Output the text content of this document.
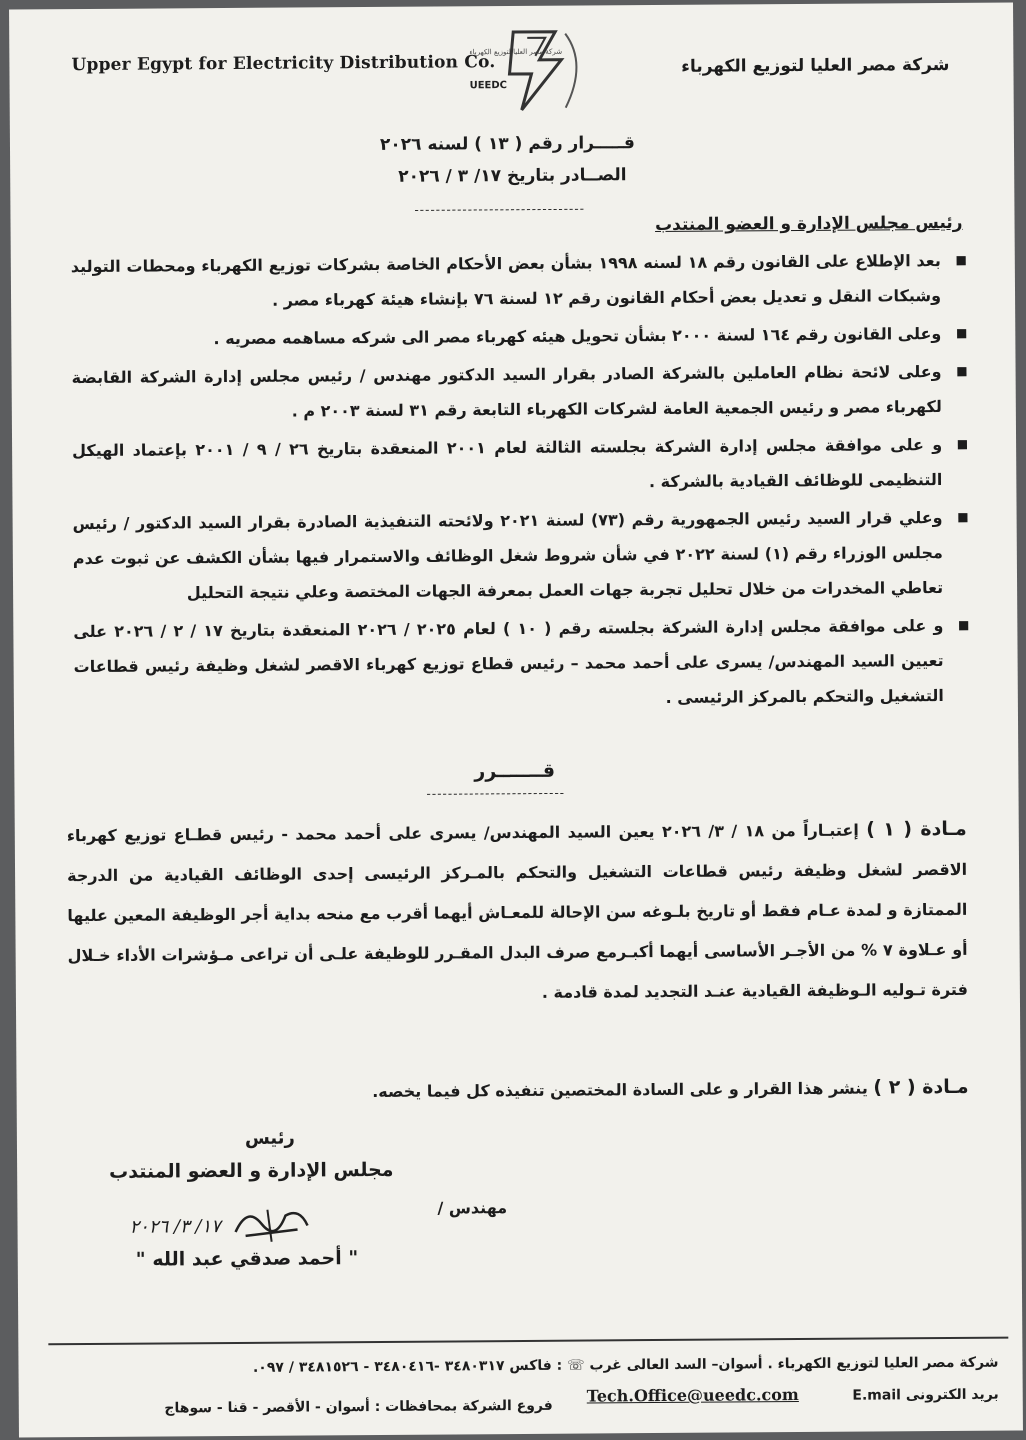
Upper Egypt for Electricity Distribution Co.
شركة مصر العليا لتوزيع الكهرباء
UEEDC
شركة مصر العليا لتوزيع الكهرباء
قـــــرار رقم ( ١٣ ) لسنه ٢٠٢٦
الصــادر بتاريخ ١٧/ ٣ / ٢٠٢٦
--------------------------------
رئيس مجلس الإدارة و العضو المنتدب
■
بعد الإطلاع على القانون رقم ١٨ لسنه ١٩٩٨ بشأن بعض الأحكام الخاصة بشركات توزيع الكهرباء ومحطات التوليد وشبكات النقل و تعديل بعض أحكام القانون رقم ١٢ لسنة ٧٦ بإنشاء هيئة كهرباء مصر .
■
وعلى القانون رقم ١٦٤ لسنة ٢٠٠٠ بشأن تحويل هيئه كهرباء مصر الى شركه مساهمه مصريه .
■
وعلى لائحة نظام العاملين بالشركة الصادر بقرار السيد الدكتور مهندس / رئيس مجلس إدارة الشركة القابضة لكهرباء مصر و رئيس الجمعية العامة لشركات الكهرباء التابعة رقم ٣١ لسنة ٢٠٠٣ م .
■
و على موافقة مجلس إدارة الشركة بجلسته الثالثة لعام ٢٠٠١ المنعقدة بتاريخ ٢٦ / ٩ / ٢٠٠١ بإعتماد الهيكل التنظيمى للوظائف القيادية بالشركة .
■
وعلي قرار السيد رئيس الجمهورية رقم (٧٣) لسنة ٢٠٢١ ولائحته التنفيذية الصادرة بقرار السيد الدكتور / رئيس مجلس الوزراء رقم (١) لسنة ٢٠٢٢ في شأن شروط شغل الوظائف والاستمرار فيها بشأن الكشف عن ثبوت عدم تعاطي المخدرات من خلال تحليل تجربة جهات العمل بمعرفة الجهات المختصة وعلي نتيجة التحليل
■
و على موافقة مجلس إدارة الشركة بجلسته رقم ( ١٠ ) لعام ٢٠٢٥ / ٢٠٢٦ المنعقدة بتاريخ ١٧ / ٢ / ٢٠٢٦ على تعيين السيد المهندس/ يسرى على أحمد محمد – رئيس قطاع توزيع كهرباء الاقصر لشغل وظيفة رئيس قطاعات التشغيل والتحكم بالمركز الرئيسى .
قـــــــرر
--------------------------
مـادة ( ١ ) إعتبـاراً من ١٨ / ٣/ ٢٠٢٦ يعين السيد المهندس/ يسرى على أحمد محمد - رئيس قطـاع توزيع كهرباء الاقصر لشغل وظيفة رئيس قطاعات التشغيل والتحكم بالمـركز الرئيسى إحدى الوظائف القيادية من الدرجة الممتازة و لمدة عـام فقط أو تاريخ بلـوغه سن الإحالة للمعـاش أيهما أقرب مع منحه بداية أجر الوظيفة المعين عليها أو عـلاوة ٧ % من الأجـر الأساسى أيهما أكبـرمع صرف البدل المقـرر للوظيفة علـى أن تراعى مـؤشرات الأداء خـلال فترة تـوليه الـوظيفة القيادية عنـد التجديد لمدة قادمة .
مـادة ( ٢ ) ينشر هذا القرار و على السادة المختصين تنفيذه كل فيما يخصه.
رئيس
مجلس الإدارة و العضو المنتدب
مهندس /
١٧/ ٣/ ٢٠٢٦
" أحمد صدقي عبد الله "
شركة مصر العليا لتوزيع الكهرباء . أسوان– السد العالى غرب ☏ : فاكس ٣٤٨٠٣١٧ -٣٤٨٠٤١٦ - ٣٤٨١٥٢٦ / ٠٩٧.
بريد الكترونى E.mail
Tech.Office@ueedc.com
فروع الشركة بمحافظات : أسوان - الأقصر - قنا - سوهاج
